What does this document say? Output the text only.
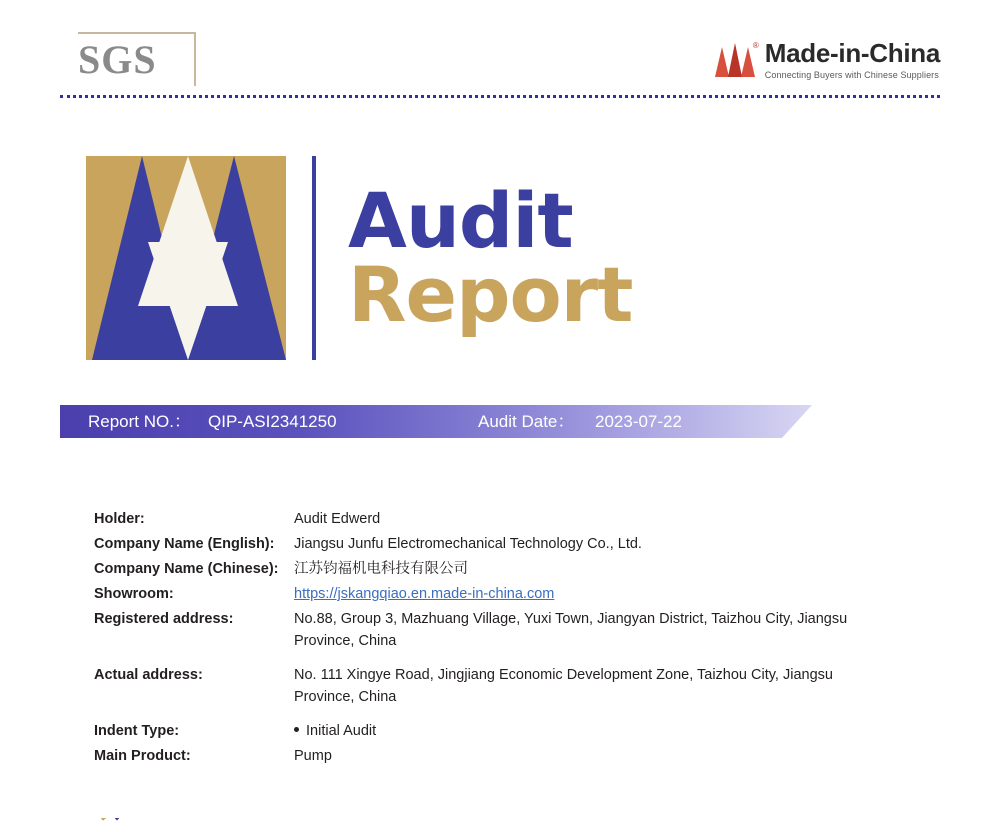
SGS	® Made-in-China
Connecting Buyers with Chinese Suppliers
Audit
Report
Report NO.： QIP-ASI2341250	Audit Date： 2023-07-22
Holder:	Audit Edwerd
Company Name (English):	Jiangsu Junfu Electromechanical Technology Co., Ltd.
Company Name (Chinese):	江苏钧福机电科技有限公司
Showroom:	https://jskangqiao.en.made-in-china.com
Registered address:	No.88, Group 3, Mazhuang Village, Yuxi Town, Jiangyan District, Taizhou City, Jiangsu Province, China
Actual address:	No. 111 Xingye Road, Jingjiang Economic Development Zone, Taizhou City, Jiangsu Province, China
Indent Type:	Initial Audit
Main Product:	Pump
